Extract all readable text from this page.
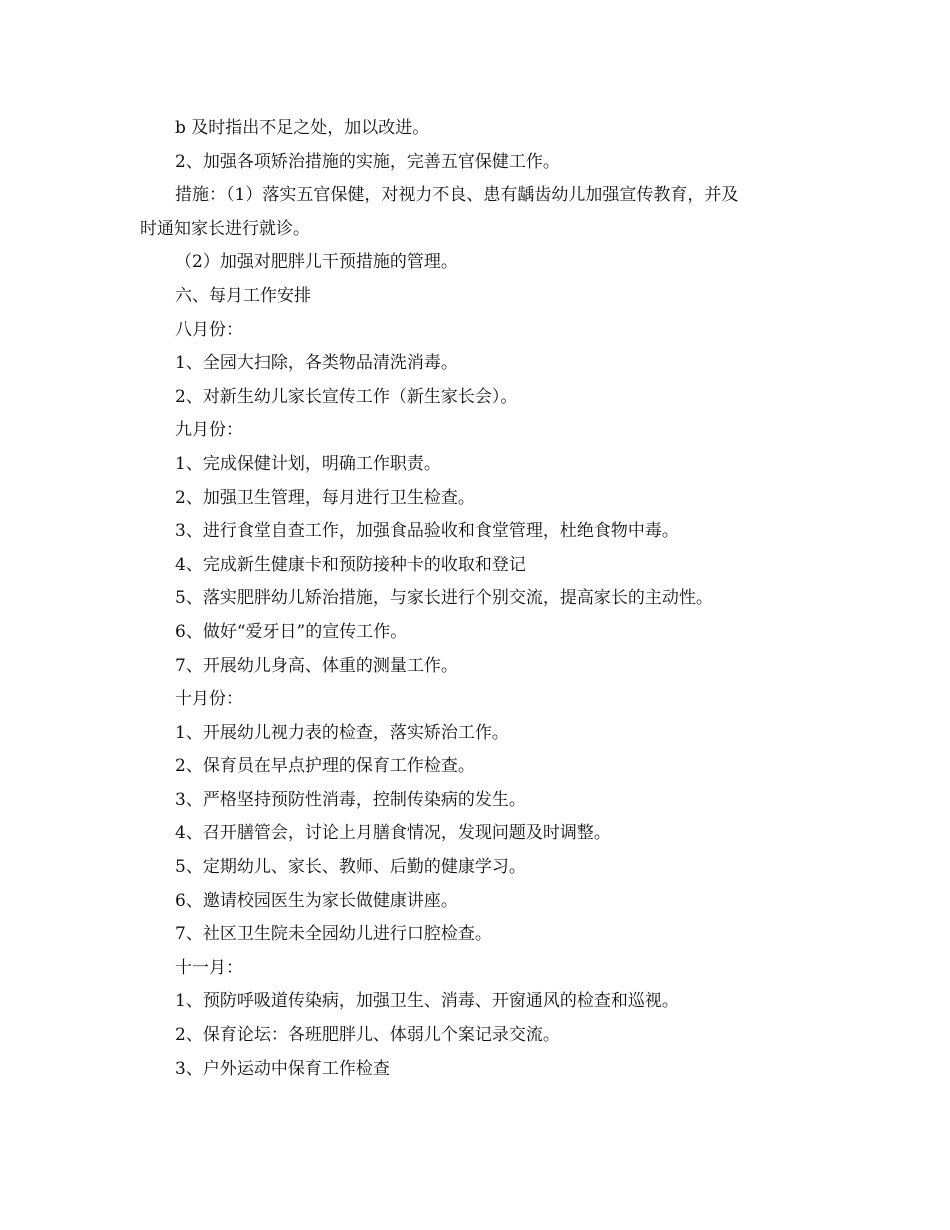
b 及时指出不足之处，加以改进。
2、加强各项矫治措施的实施，完善五官保健工作。
措施：（1）落实五官保健，对视力不良、患有龋齿幼儿加强宣传教育，并及
时通知家长进行就诊。
（2）加强对肥胖儿干预措施的管理。
六、每月工作安排
八月份：
1、全园大扫除，各类物品清洗消毒。
2、对新生幼儿家长宣传工作（新生家长会）。
九月份：
1、完成保健计划，明确工作职责。
2、加强卫生管理，每月进行卫生检查。
3、进行食堂自查工作，加强食品验收和食堂管理，杜绝食物中毒。
4、完成新生健康卡和预防接种卡的收取和登记
5、落实肥胖幼儿矫治措施，与家长进行个别交流，提高家长的主动性。
6、做好“爱牙日”的宣传工作。
7、开展幼儿身高、体重的测量工作。
十月份：
1、开展幼儿视力表的检查，落实矫治工作。
2、保育员在早点护理的保育工作检查。
3、严格坚持预防性消毒，控制传染病的发生。
4、召开膳管会，讨论上月膳食情况，发现问题及时调整。
5、定期幼儿、家长、教师、后勤的健康学习。
6、邀请校园医生为家长做健康讲座。
7、社区卫生院未全园幼儿进行口腔检查。
十一月：
1、预防呼吸道传染病，加强卫生、消毒、开窗通风的检查和巡视。
2、保育论坛：各班肥胖儿、体弱儿个案记录交流。
3、户外运动中保育工作检查
